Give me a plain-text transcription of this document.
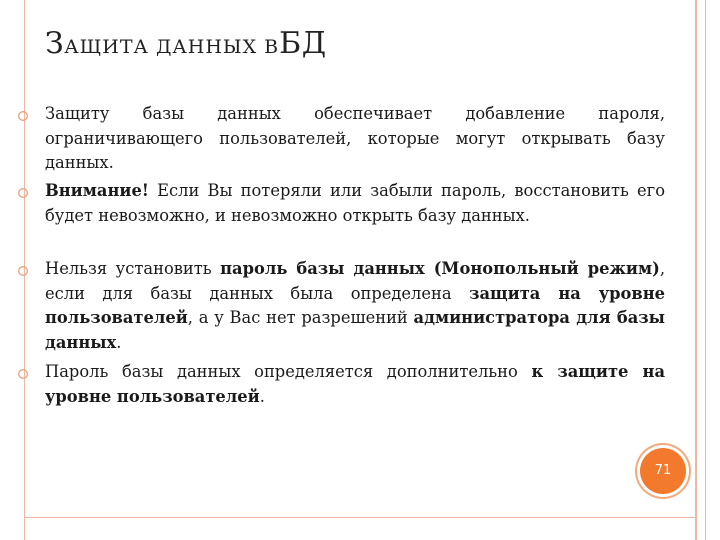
ЗАЩИТА ДАННЫХ ВБД
Защиту базы данных обеспечивает добавление пароля, ограничивающего пользователей, которые могут открывать базу данных.
Внимание! Если Вы потеряли или забыли пароль, восстановить его будет невозможно, и невозможно открыть базу данных.
Нельзя установить пароль базы данных (Монопольный режим), если для базы данных была определена защита на уровне пользователей, а у Вас нет разрешений администратора для базы данных.
Пароль базы данных определяется дополнительно к защите на уровне пользователей.
71
